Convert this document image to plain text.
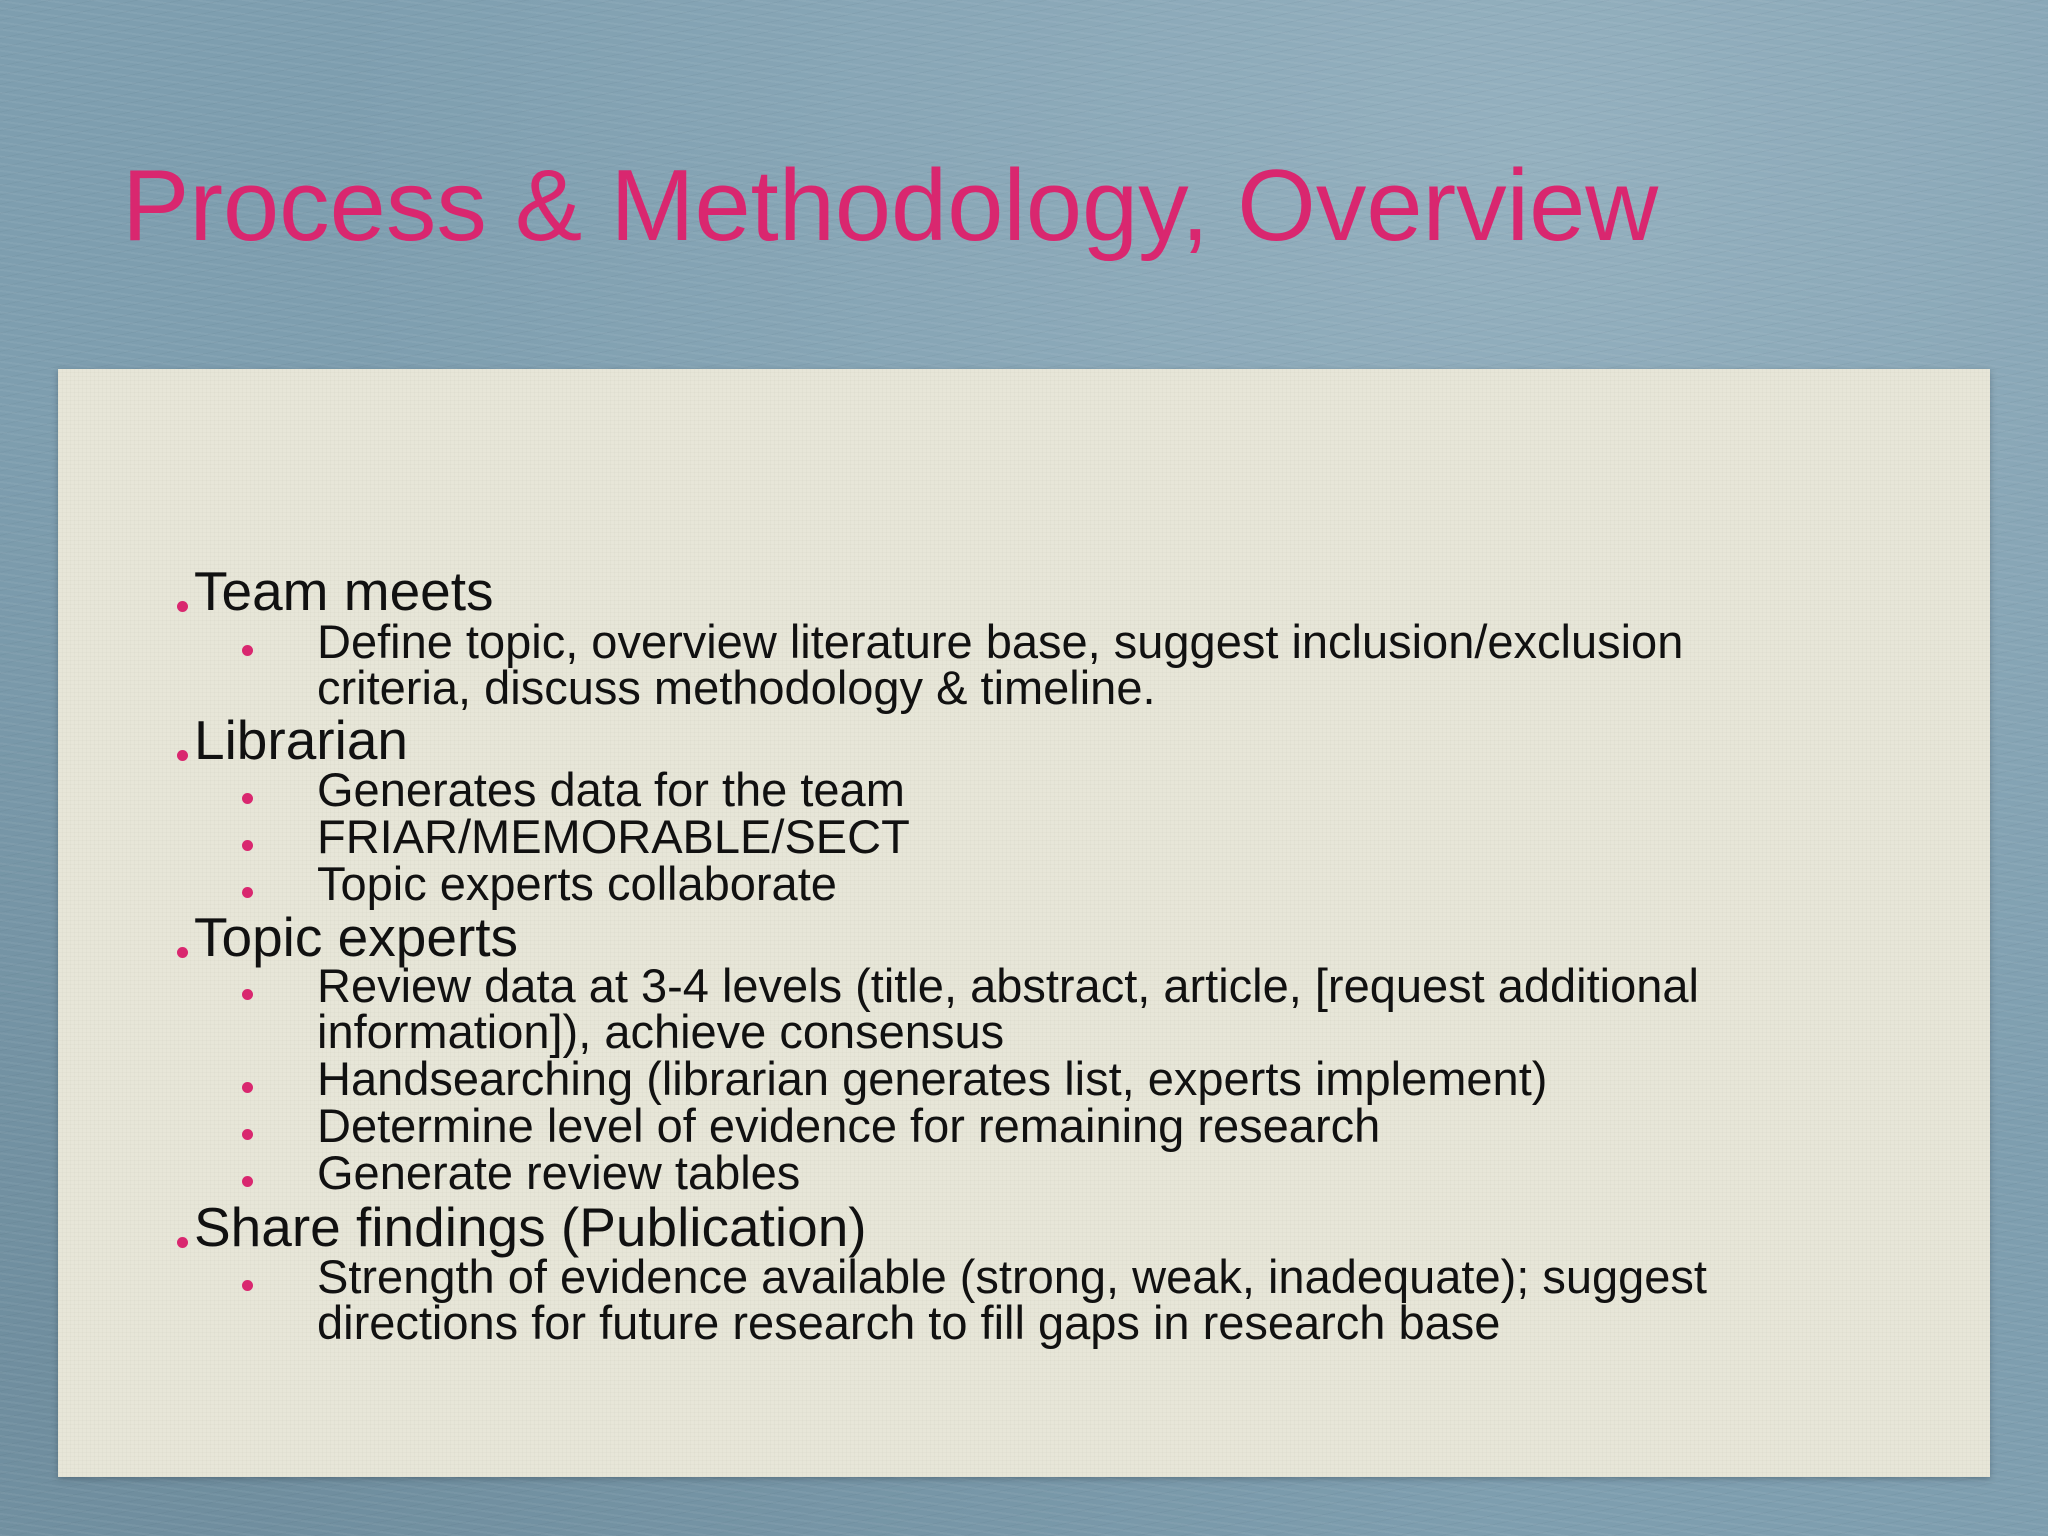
Process & Methodology, Overview
Team meets
Define topic, overview literature base, suggest inclusion/exclusion
criteria, discuss methodology & timeline.
Librarian
Generates data for the team
FRIAR/MEMORABLE/SECT
Topic experts collaborate
Topic experts
Review data at 3-4 levels (title, abstract, article, [request additional
information]), achieve consensus
Handsearching (librarian generates list, experts implement)
Determine level of evidence for remaining research
Generate review tables
Share findings (Publication)
Strength of evidence available (strong, weak, inadequate); suggest
directions for future research to fill gaps in research base
